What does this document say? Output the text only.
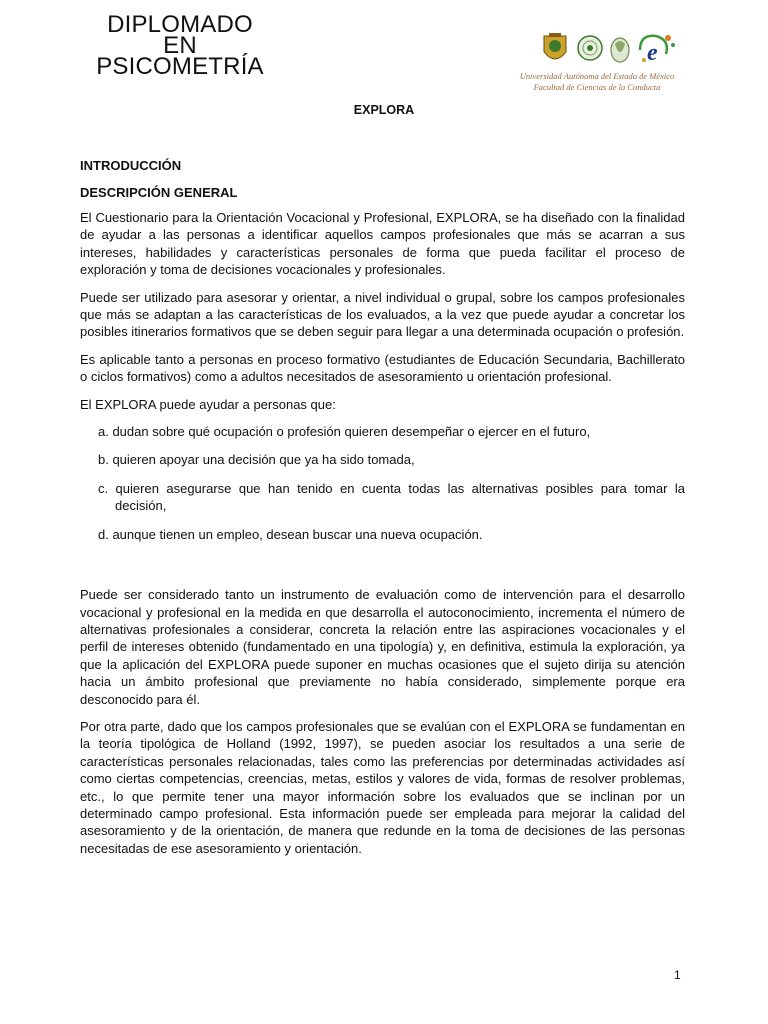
DIPLOMADO
EN
PSICOMETRÍA	e
Universidad Autónoma del Estado de México
Facultad de Ciencias de la Conducta
EXPLORA
INTRODUCCIÓN
DESCRIPCIÓN GENERAL

El Cuestionario para la Orientación Vocacional y Profesional, EXPLORA, se ha diseñado con la finalidad de ayudar a las personas a identificar aquellos campos profesionales que más se acarran a sus intereses, habilidades y características personales de forma que pueda facilitar el proceso de exploración y toma de decisiones vocacionales y profesionales.

Puede ser utilizado para asesorar y orientar, a nivel individual o grupal, sobre los campos profesionales que más se adaptan a las características de los evaluados, a la vez que puede ayudar a concretar los posibles itinerarios formativos que se deben seguir para llegar a una determinada ocupación o profesión.

Es aplicable tanto a personas en proceso formativo (estudiantes de Educación Secundaria, Bachillerato o ciclos formativos) como a adultos necesitados de asesoramiento u orientación profesional.

El EXPLORA puede ayudar a personas que:

a. dudan sobre qué ocupación o profesión quieren desempeñar o ejercer en el futuro,
b. quieren apoyar una decisión que ya ha sido tomada,
c. quieren asegurarse que han tenido en cuenta todas las alternativas posibles para tomar la decisión,
d. aunque tienen un empleo, desean buscar una nueva ocupación.

Puede ser considerado tanto un instrumento de evaluación como de intervención para el desarrollo vocacional y profesional en la medida en que desarrolla el autoconocimiento, incrementa el número de alternativas profesionales a considerar, concreta la relación entre las aspiraciones vocacionales y el perfil de intereses obtenido (fundamentado en una tipología) y, en definitiva, estimula la exploración, ya que la aplicación del EXPLORA puede suponer en muchas ocasiones que el sujeto dirija su atención hacia un ámbito profesional que previamente no había considerado, simplemente porque era desconocido para él.

Por otra parte, dado que los campos profesionales que se evalúan con el EXPLORA se fundamentan en la teoría tipológica de Holland (1992, 1997), se pueden asociar los resultados a una serie de características personales relacionadas, tales como las preferencias por determinadas actividades así como ciertas competencias, creencias, metas, estilos y valores de vida, formas de resolver problemas, etc., lo que permite tener una mayor información sobre los evaluados que se inclinan por un determinado campo profesional. Esta información puede ser empleada para mejorar la calidad del asesoramiento y de la orientación, de manera que redunde en la toma de decisiones de las personas necesitadas de ese asesoramiento y orientación.

1
